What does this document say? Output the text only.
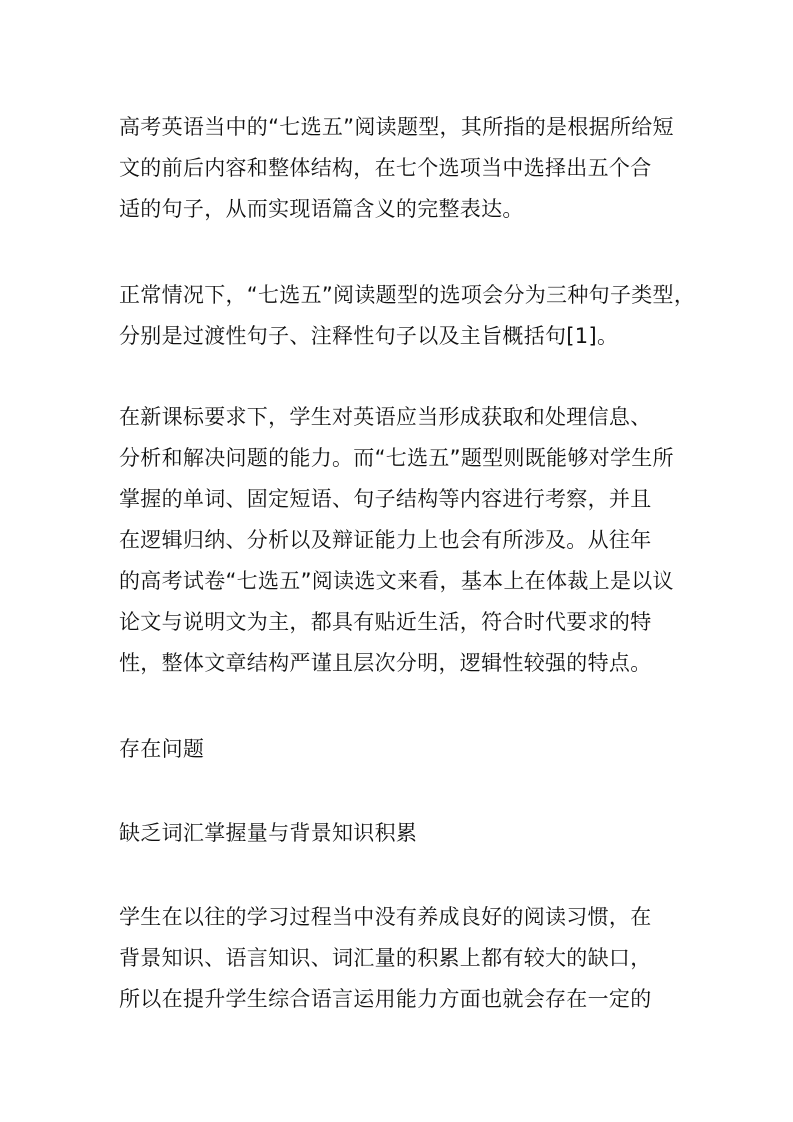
高考英语当中的“七选五”阅读题型，其所指的是根据所给短
文的前后内容和整体结构，在七个选项当中选择出五个合
适的句子，从而实现语篇含义的完整表达。
正常情况下，“七选五”阅读题型的选项会分为三种句子类型，
分别是过渡性句子、注释性句子以及主旨概括句[1]。
在新课标要求下，学生对英语应当形成获取和处理信息、
分析和解决问题的能力。而“七选五”题型则既能够对学生所
掌握的单词、固定短语、句子结构等内容进行考察，并且
在逻辑归纳、分析以及辩证能力上也会有所涉及。从往年
的高考试卷“七选五”阅读选文来看，基本上在体裁上是以议
论文与说明文为主，都具有贴近生活，符合时代要求的特
性，整体文章结构严谨且层次分明，逻辑性较强的特点。
存在问题
缺乏词汇掌握量与背景知识积累
学生在以往的学习过程当中没有养成良好的阅读习惯，在
背景知识、语言知识、词汇量的积累上都有较大的缺口，
所以在提升学生综合语言运用能力方面也就会存在一定的
